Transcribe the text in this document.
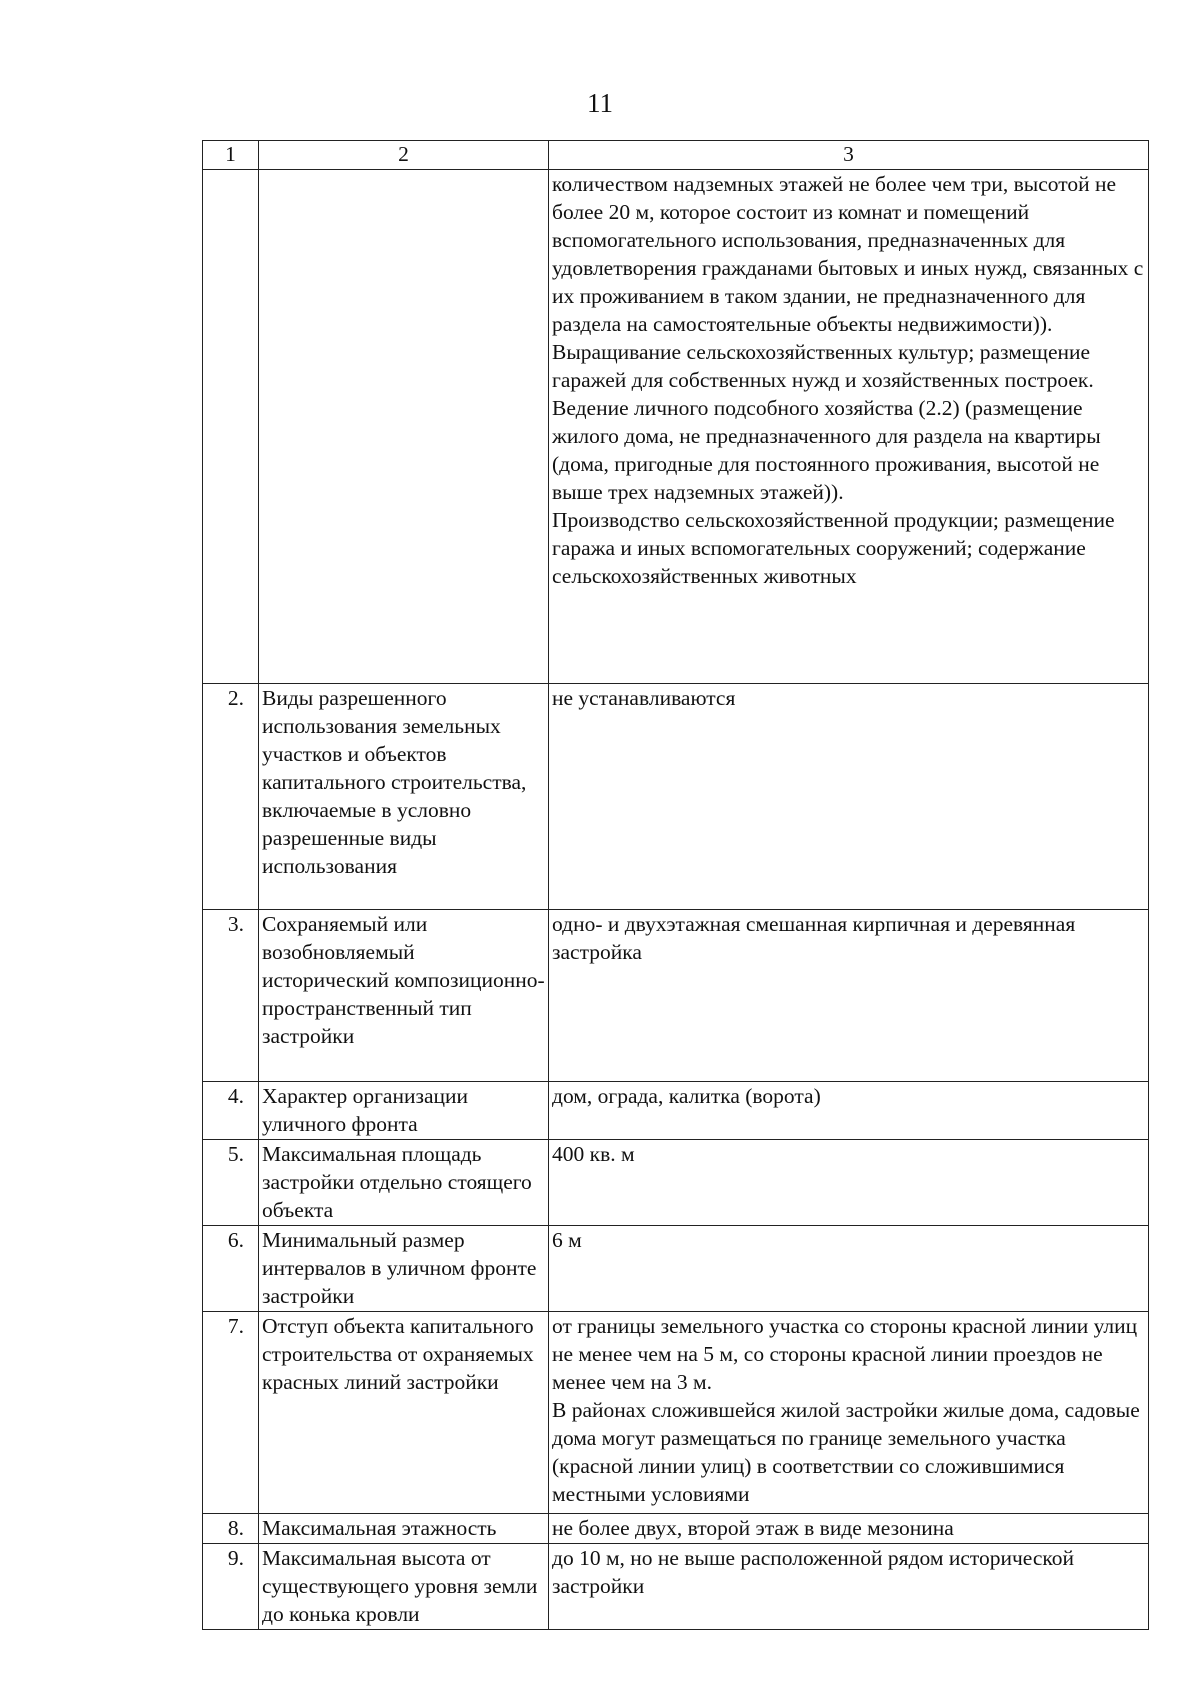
11
1	2	3

		количеством надземных этажей не более чем три, высотой не более 20 м, которое состоит из комнат и помещений вспомогательного использования, предназначенных для удовлетворения гражданами бытовых и иных нужд, связанных с их проживанием в таком здании, не предназначенного для раздела на самостоятельные объекты недвижимости)).
Выращивание сельскохозяйственных культур; размещение гаражей для собственных нужд и хозяйственных построек.
Ведение личного подсобного хозяйства (2.2) (размещение жилого дома, не предназначенного для раздела на квартиры (дома, пригодные для постоянного проживания, высотой не выше трех надземных этажей)).
Производство сельскохозяйственной продукции; размещение гаража и иных вспомогательных сооружений; содержание сельскохозяйственных животных

2.	Виды разрешенного использования земельных участков и объектов капитального строительства, включаемые в условно разрешенные виды использования	не устанавливаются
3.	Сохраняемый или возобновляемый исторический композиционно-пространственный тип застройки	одно- и двухэтажная смешанная кирпичная и деревянная застройка
4.	Характер организации уличного фронта	дом, ограда, калитка (ворота)
5.	Максимальная площадь застройки отдельно стоящего объекта	400 кв. м
6.	Минимальный размер интервалов в уличном фронте застройки	6 м
7.	Отступ объекта капитального строительства от охраняемых красных линий застройки	от границы земельного участка со стороны красной линии улиц не менее чем на 5 м, со стороны красной линии проездов не менее чем на 3 м.
В районах сложившейся жилой застройки жилые дома, садовые дома могут размещаться по границе земельного участка (красной линии улиц) в соответствии со сложившимися местными условиями

8.	Максимальная этажность	не более двух, второй этаж в виде мезонина
9.	Максимальная высота от существующего уровня земли до конька кровли	до 10 м, но не выше расположенной рядом исторической застройки
